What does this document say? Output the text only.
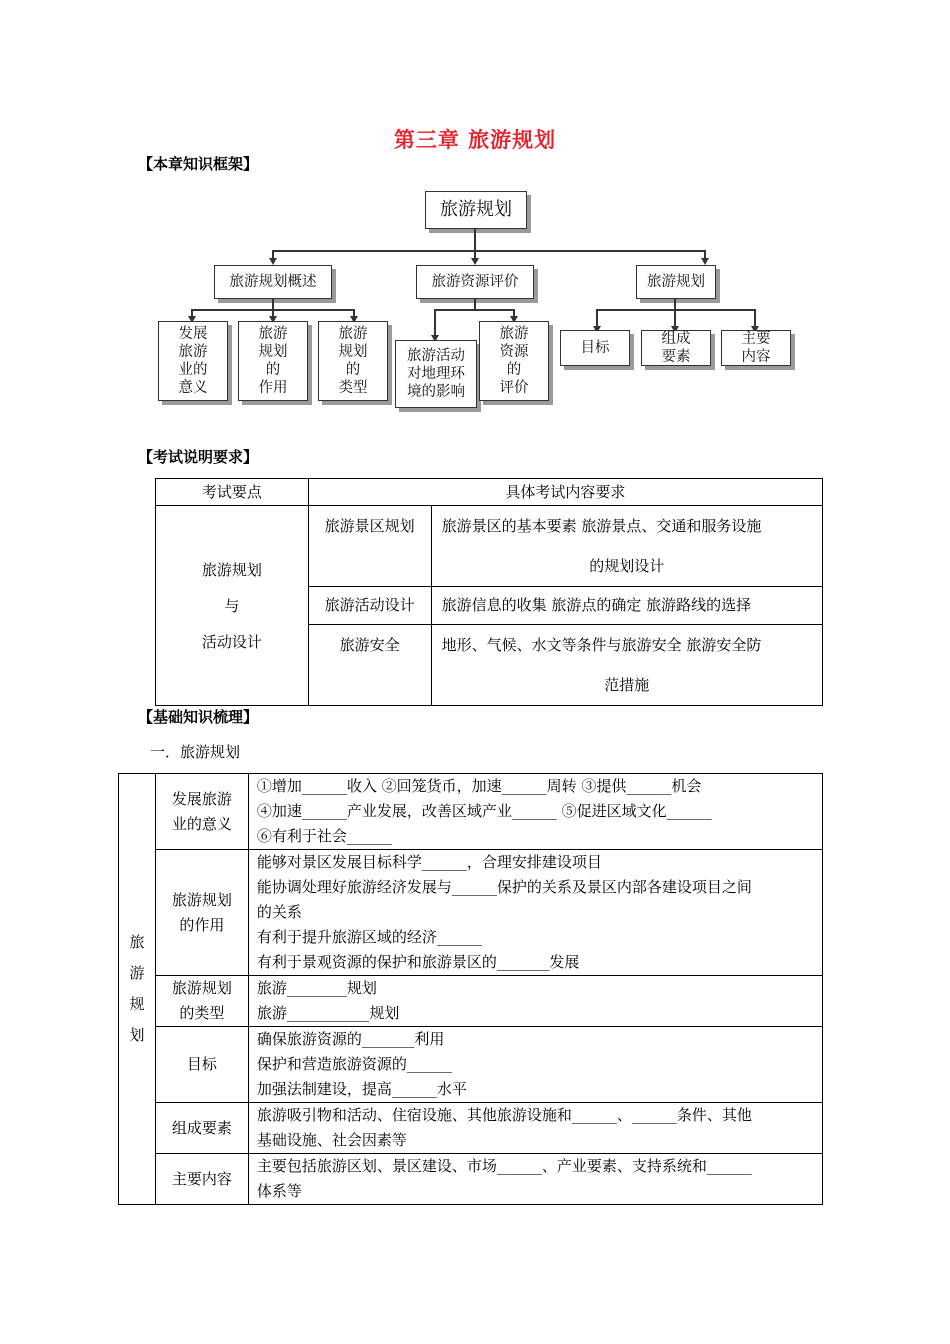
第三章 旅游规划
【本章知识框架】
旅游规划
旅游规划概述	旅游资源评价	旅游规划
发展
旅游
业的
意义
旅游
规划
的
作用
旅游
规划
的
类型
旅游活动
对地理环
境的影响
旅游
资源
的
评价
目标
组成
要素
主要
内容
【考试说明要求】
考试要点	具体考试内容要求	

旅游规划
与
活动设计	旅游景区规划	旅游景区的基本要素 旅游景点、交通和服务设施
的规划设计

	旅游活动设计	旅游信息的收集 旅游点的确定 旅游路线的选择

	旅游安全	地形、气候、水文等条件与旅游安全 旅游安全防
范措施
【基础知识梳理】
一．旅游规划
旅
游
规
划	发展旅游
业的意义	①增加______收入 ②回笼货币，加速______周转 ③提供______机会
④加速______产业发展，改善区域产业______ ⑤促进区域文化______
⑥有利于社会______

	旅游规划
的作用	能够对景区发展目标科学______，合理安排建设项目
能协调处理好旅游经济发展与______保护的关系及景区内部各建设项目之间
的关系
有利于提升旅游区域的经济______
有利于景观资源的保护和旅游景区的_______发展

	旅游规划
的类型	旅游________规划
旅游___________规划

	目标	确保旅游资源的_______利用
保护和营造旅游资源的______
加强法制建设，提高______水平

	组成要素	旅游吸引物和活动、住宿设施、其他旅游设施和______、______条件、其他
基础设施、社会因素等

	主要内容	主要包括旅游区划、景区建设、市场______、产业要素、支持系统和______
体系等
